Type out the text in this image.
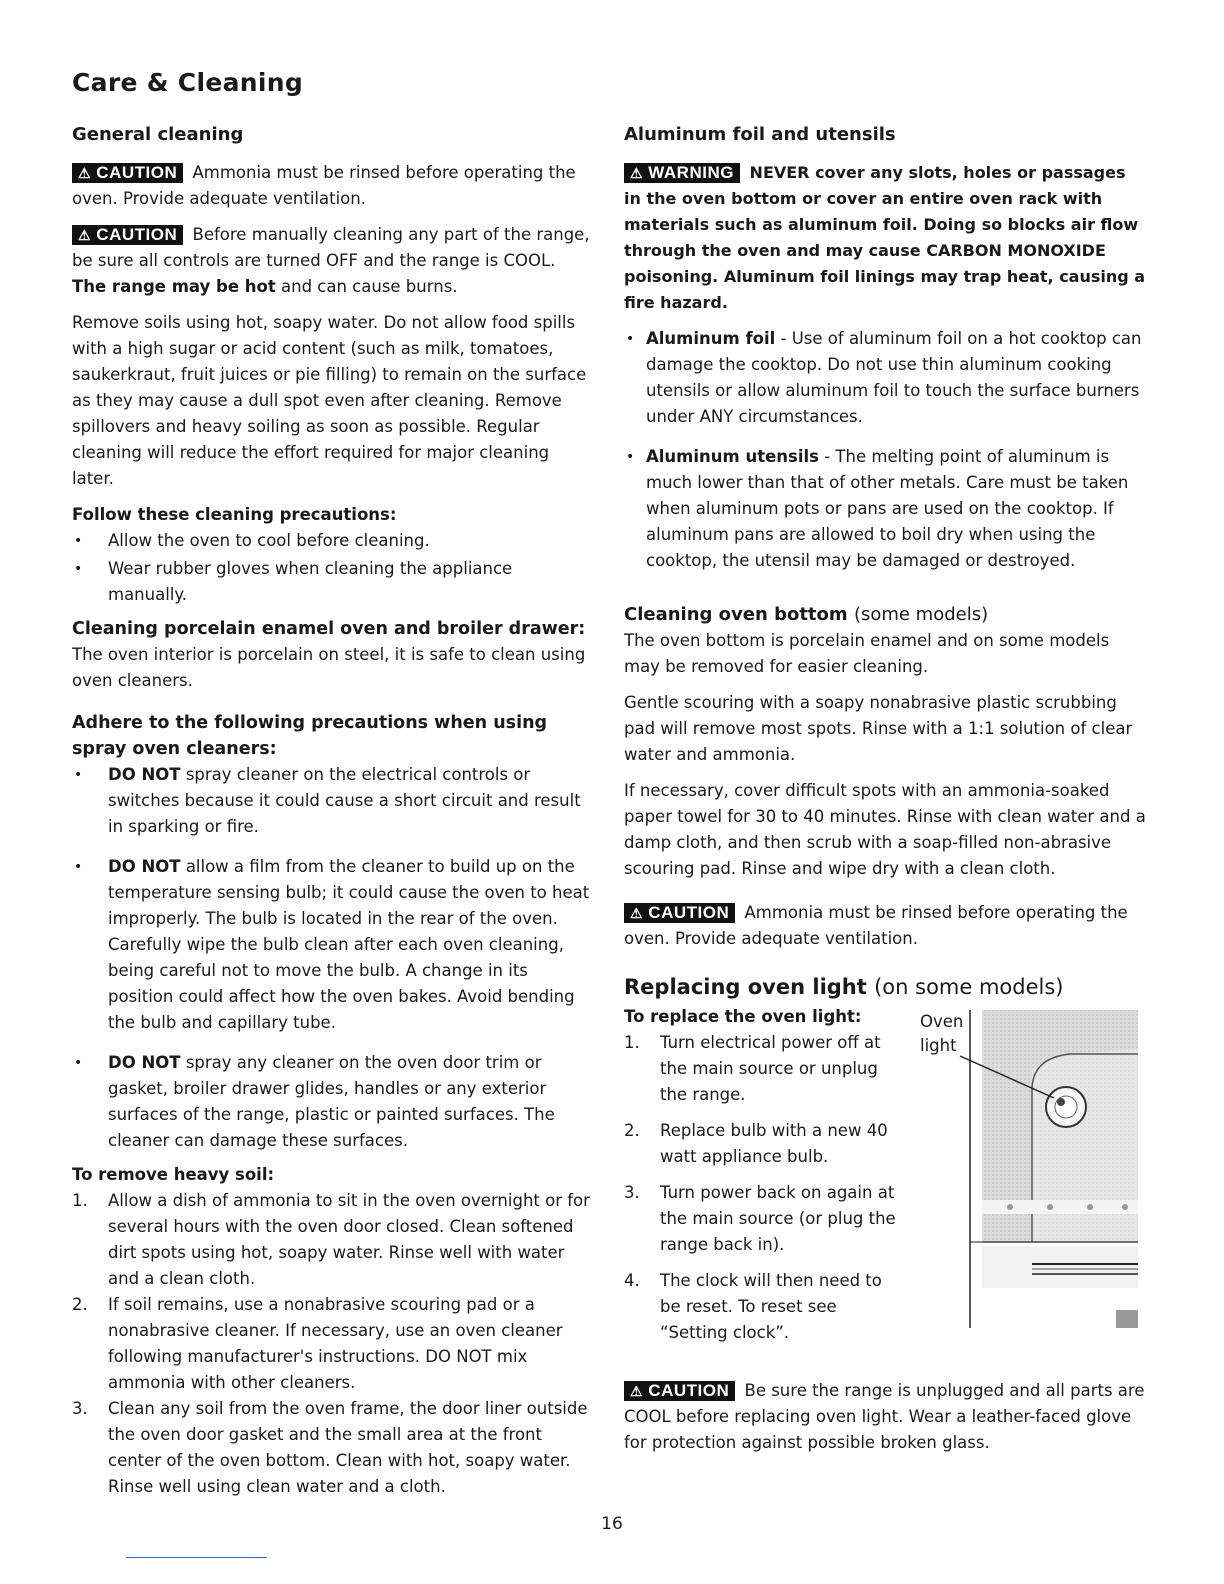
Care & Cleaning
General cleaning

⚠ CAUTION Ammonia must be rinsed before operating the oven. Provide adequate ventilation.

⚠ CAUTION Before manually cleaning any part of the range, be sure all controls are turned OFF and the range is COOL. The range may be hot and can cause burns.

Remove soils using hot, soapy water. Do not allow food spills with a high sugar or acid content (such as milk, tomatoes, saukerkraut, fruit juices or pie filling) to remain on the surface as they may cause a dull spot even after cleaning. Remove spillovers and heavy soiling as soon as possible. Regular cleaning will reduce the effort required for major cleaning later.

Follow these cleaning precautions:
• Allow the oven to cool before cleaning.
• Wear rubber gloves when cleaning the appliance manually.
Cleaning porcelain enamel oven and broiler drawer:

The oven interior is porcelain on steel, it is safe to clean using oven cleaners.

Adhere to the following precautions when using spray oven cleaners:
• DO NOT spray cleaner on the electrical controls or switches because it could cause a short circuit and result in sparking or fire.
• DO NOT allow a film from the cleaner to build up on the temperature sensing bulb; it could cause the oven to heat improperly. The bulb is located in the rear of the oven. Carefully wipe the bulb clean after each oven cleaning, being careful not to move the bulb. A change in its position could affect how the oven bakes. Avoid bending the bulb and capillary tube.
• DO NOT spray any cleaner on the oven door trim or gasket, broiler drawer glides, handles or any exterior surfaces of the range, plastic or painted surfaces. The cleaner can damage these surfaces.
To remove heavy soil:
1. Allow a dish of ammonia to sit in the oven overnight or for several hours with the oven door closed. Clean softened dirt spots using hot, soapy water. Rinse well with water and a clean cloth.
2. If soil remains, use a nonabrasive scouring pad or a nonabrasive cleaner. If necessary, use an oven cleaner following manufacturer's instructions. DO NOT mix ammonia with other cleaners.
3. Clean any soil from the oven frame, the door liner outside the oven door gasket and the small area at the front center of the oven bottom. Clean with hot, soapy water. Rinse well using clean water and a cloth.
Aluminum foil and utensils

⚠ WARNING NEVER cover any slots, holes or passages in the oven bottom or cover an entire oven rack with materials such as aluminum foil. Doing so blocks air flow through the oven and may cause CARBON MONOXIDE poisoning. Aluminum foil linings may trap heat, causing a fire hazard.

• Aluminum foil - Use of aluminum foil on a hot cooktop can damage the cooktop. Do not use thin aluminum cooking utensils or allow aluminum foil to touch the surface burners under ANY circumstances.
• Aluminum utensils - The melting point of aluminum is much lower than that of other metals. Care must be taken when aluminum pots or pans are used on the cooktop. If aluminum pans are allowed to boil dry when using the cooktop, the utensil may be damaged or destroyed.
Cleaning oven bottom (some models)

The oven bottom is porcelain enamel and on some models may be removed for easier cleaning.

Gentle scouring with a soapy nonabrasive plastic scrubbing pad will remove most spots. Rinse with a 1:1 solution of clear water and ammonia.

If necessary, cover difficult spots with an ammonia-soaked paper towel for 30 to 40 minutes. Rinse with clean water and a damp cloth, and then scrub with a soap-filled non-abrasive scouring pad. Rinse and wipe dry with a clean cloth.

⚠ CAUTION Ammonia must be rinsed before operating the oven. Provide adequate ventilation.

Replacing oven light (on some models)
To replace the oven light:
1. Turn electrical power off at the main source or unplug the range.
2. Replace bulb with a new 40 watt appliance bulb.
3. Turn power back on again at the main source (or plug the range back in).
4. The clock will then need to be reset. To reset see “Setting clock”.
Oven
light

⚠ CAUTION Be sure the range is unplugged and all parts are COOL before replacing oven light. Wear a leather-faced glove for protection against possible broken glass.

16
